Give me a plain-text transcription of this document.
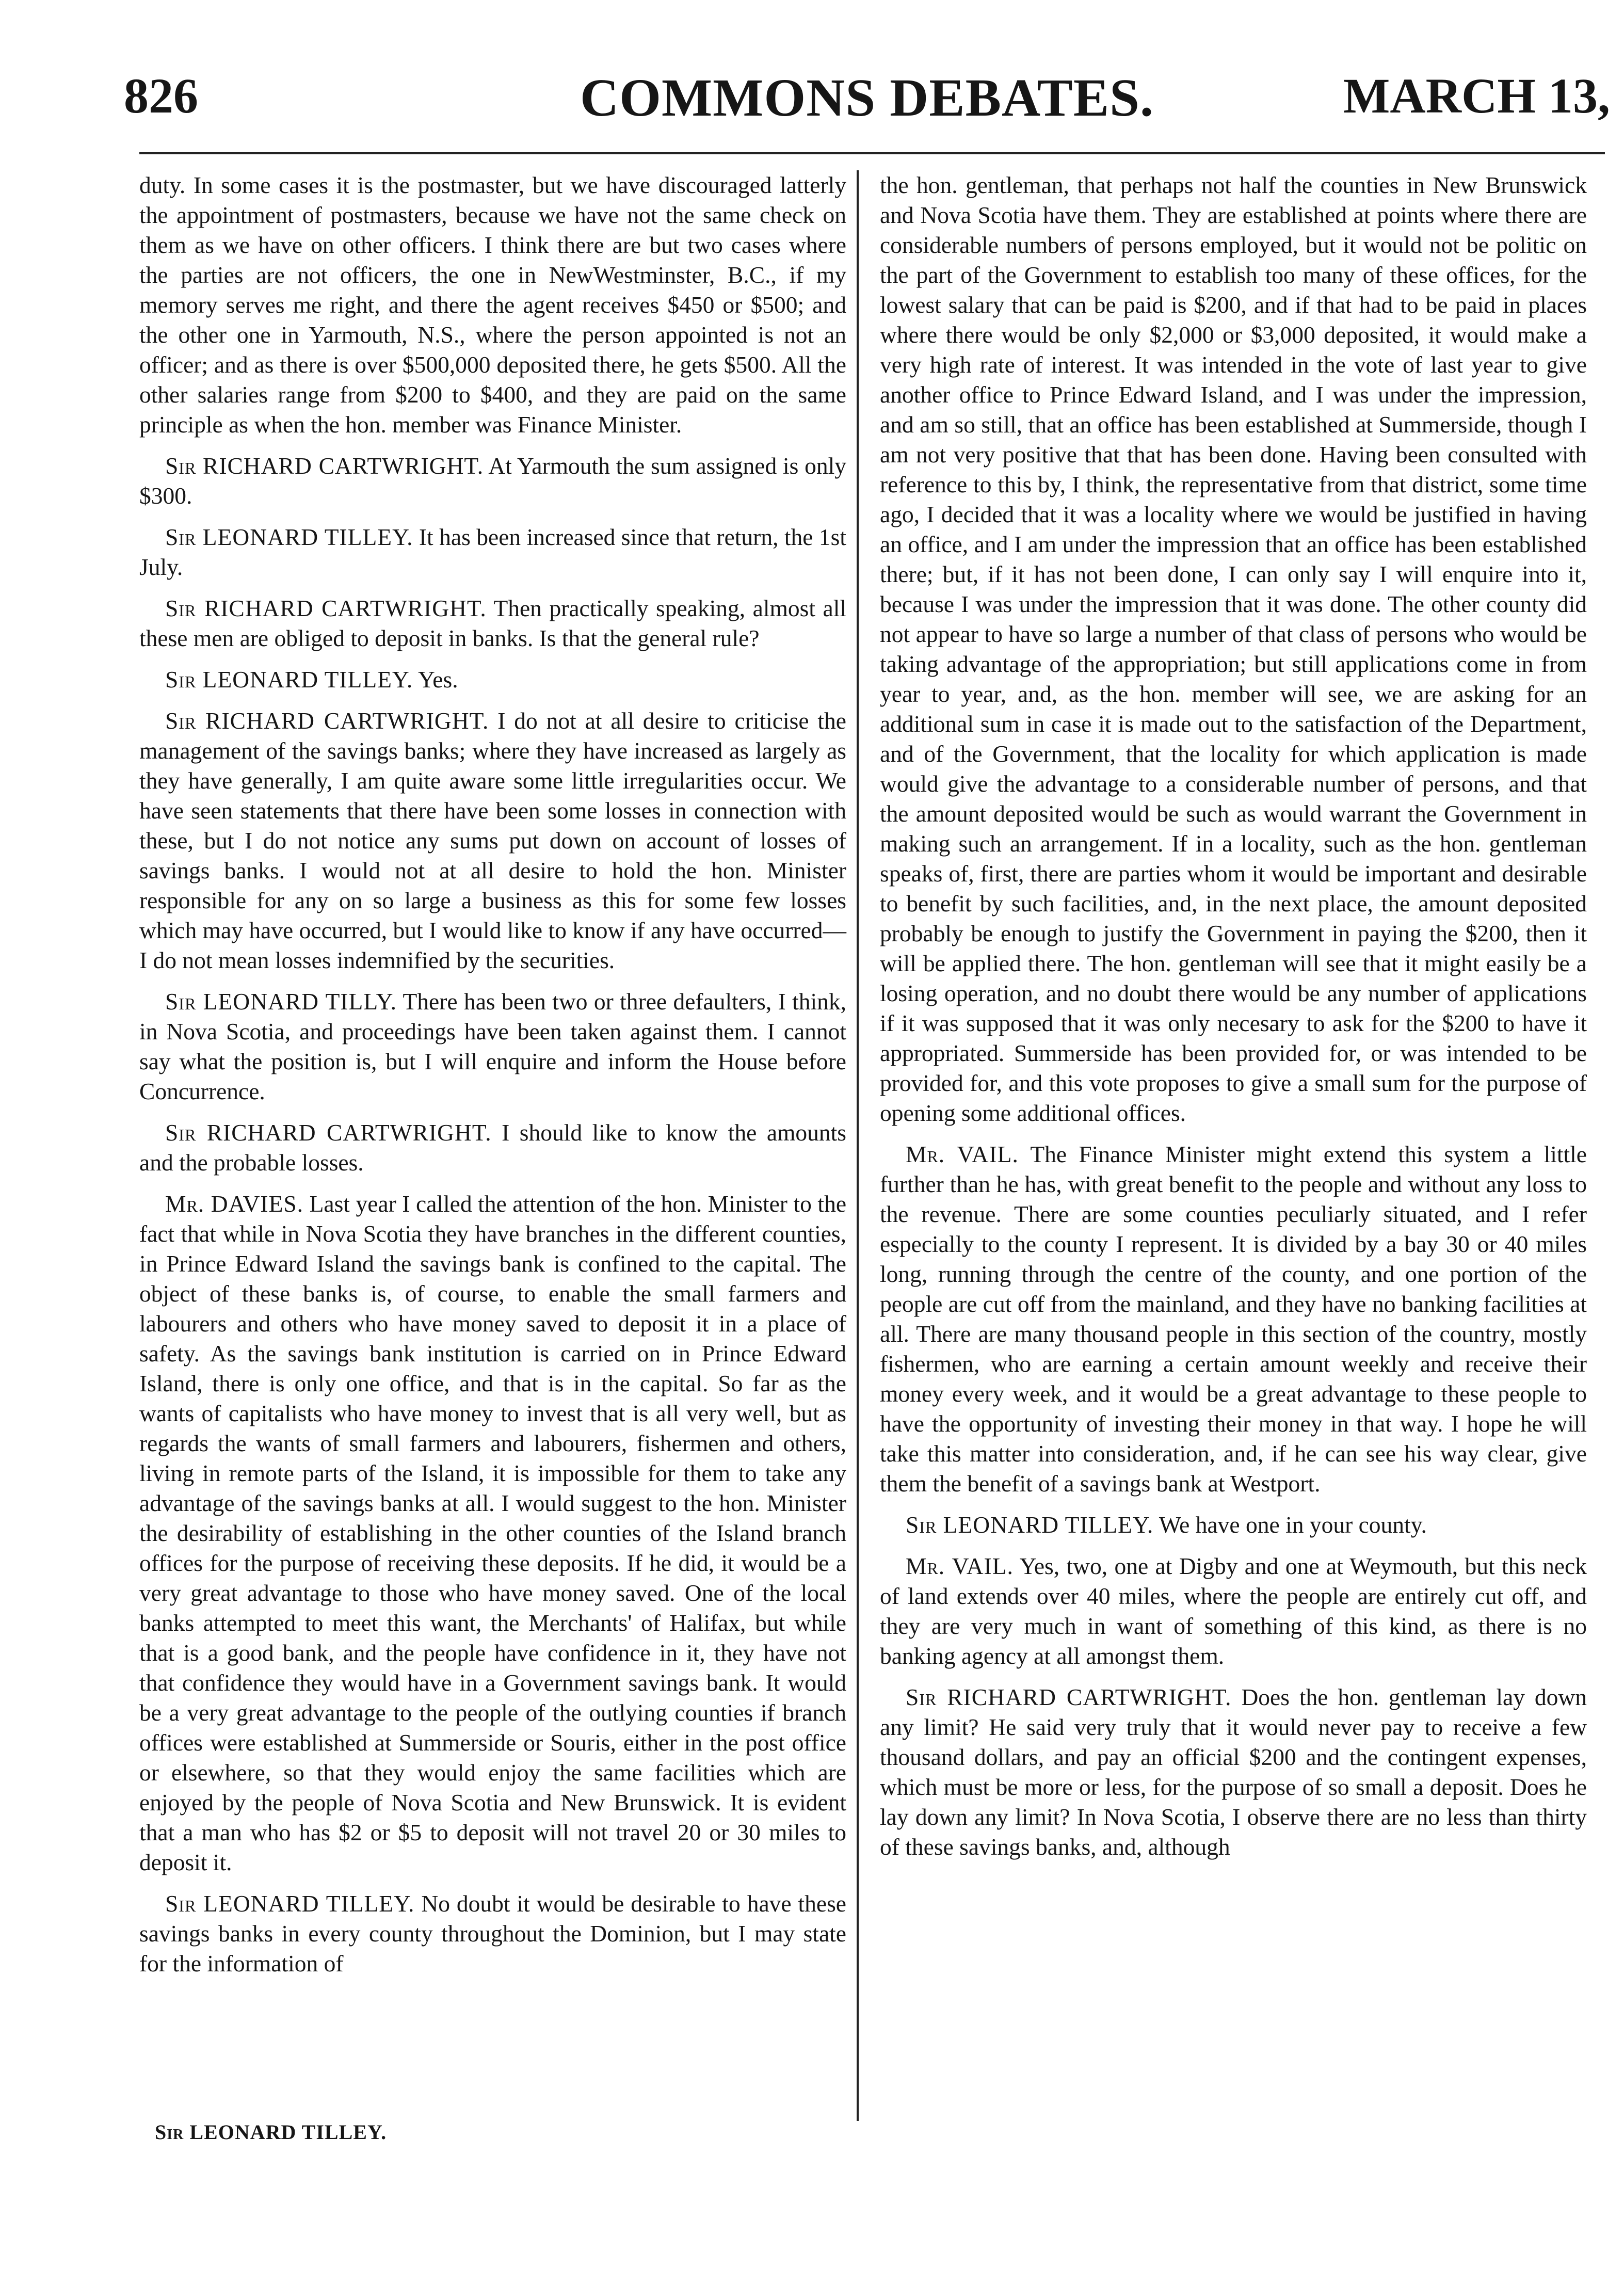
826	COMMONS DEBATES.	MARCH 13,

duty. In some cases it is the postmaster, but we have discouraged latterly the appointment of postmasters, because we have not the same check on them as we have on other officers. I think there are but two cases where the parties are not officers, the one in NewWestminster, B.C., if my memory serves me right, and there the agent receives $450 or $500; and the other one in Yarmouth, N.S., where the person appointed is not an officer; and as there is over $500,000 deposited there, he gets $500. All the other salaries range from $200 to $400, and they are paid on the same principle as when the hon. member was Finance Minister.

Sir RICHARD CARTWRIGHT. At Yarmouth the sum assigned is only $300.

Sir LEONARD TILLEY. It has been increased since that return, the 1st July.

Sir RICHARD CARTWRIGHT. Then practically speaking, almost all these men are obliged to deposit in banks. Is that the general rule?

Sir LEONARD TILLEY. Yes.

Sir RICHARD CARTWRIGHT. I do not at all desire to criticise the management of the savings banks; where they have increased as largely as they have generally, I am quite aware some little irregularities occur. We have seen statements that there have been some losses in connection with these, but I do not notice any sums put down on account of losses of savings banks. I would not at all desire to hold the hon. Minister responsible for any on so large a business as this for some few losses which may have occurred, but I would like to know if any have occurred— I do not mean losses indemnified by the securities.

Sir LEONARD TILLY. There has been two or three defaulters, I think, in Nova Scotia, and proceedings have been taken against them. I cannot say what the position is, but I will enquire and inform the House before Concurrence.

Sir RICHARD CARTWRIGHT. I should like to know the amounts and the probable losses.

Mr. DAVIES. Last year I called the attention of the hon. Minister to the fact that while in Nova Scotia they have branches in the different counties, in Prince Edward Island the savings bank is confined to the capital. The object of these banks is, of course, to enable the small farmers and labourers and others who have money saved to deposit it in a place of safety. As the savings bank institution is carried on in Prince Edward Island, there is only one office, and that is in the capital. So far as the wants of capitalists who have money to invest that is all very well, but as regards the wants of small farmers and labourers, fishermen and others, living in remote parts of the Island, it is impossible for them to take any advantage of the savings banks at all. I would suggest to the hon. Minister the desirability of establishing in the other counties of the Island branch offices for the purpose of receiving these deposits. If he did, it would be a very great advantage to those who have money saved. One of the local banks attempted to meet this want, the Merchants' of Halifax, but while that is a good bank, and the people have confidence in it, they have not that confidence they would have in a Government savings bank. It would be a very great advantage to the people of the outlying counties if branch offices were established at Summerside or Souris, either in the post office or elsewhere, so that they would enjoy the same facilities which are enjoyed by the people of Nova Scotia and New Brunswick. It is evident that a man who has $2 or $5 to deposit will not travel 20 or 30 miles to deposit it.

Sir LEONARD TILLEY. No doubt it would be desirable to have these savings banks in every county throughout the Dominion, but I may state for the information of

the hon. gentleman, that perhaps not half the counties in New Brunswick and Nova Scotia have them. They are established at points where there are considerable numbers of persons employed, but it would not be politic on the part of the Government to establish too many of these offices, for the lowest salary that can be paid is $200, and if that had to be paid in places where there would be only $2,000 or $3,000 deposited, it would make a very high rate of interest. It was intended in the vote of last year to give another office to Prince Edward Island, and I was under the impression, and am so still, that an office has been established at Summerside, though I am not very positive that that has been done. Having been consulted with reference to this by, I think, the representative from that district, some time ago, I decided that it was a locality where we would be justified in having an office, and I am under the impression that an office has been established there; but, if it has not been done, I can only say I will enquire into it, because I was under the impression that it was done. The other county did not appear to have so large a number of that class of persons who would be taking advantage of the appropriation; but still applications come in from year to year, and, as the hon. member will see, we are asking for an additional sum in case it is made out to the satisfaction of the Department, and of the Government, that the locality for which application is made would give the advantage to a considerable number of persons, and that the amount deposited would be such as would warrant the Government in making such an arrangement. If in a locality, such as the hon. gentleman speaks of, first, there are parties whom it would be important and desirable to benefit by such facilities, and, in the next place, the amount deposited probably be enough to justify the Government in paying the $200, then it will be applied there. The hon. gentleman will see that it might easily be a losing operation, and no doubt there would be any number of applications if it was supposed that it was only necesary to ask for the $200 to have it appropriated. Summerside has been provided for, or was intended to be provided for, and this vote proposes to give a small sum for the purpose of opening some additional offices.

Mr. VAIL. The Finance Minister might extend this system a little further than he has, with great benefit to the people and without any loss to the revenue. There are some counties peculiarly situated, and I refer especially to the county I represent. It is divided by a bay 30 or 40 miles long, running through the centre of the county, and one portion of the people are cut off from the mainland, and they have no banking facilities at all. There are many thousand people in this section of the country, mostly fishermen, who are earning a certain amount weekly and receive their money every week, and it would be a great advantage to these people to have the opportunity of investing their money in that way. I hope he will take this matter into consideration, and, if he can see his way clear, give them the benefit of a savings bank at Westport.

Sir LEONARD TILLEY. We have one in your county.

Mr. VAIL. Yes, two, one at Digby and one at Weymouth, but this neck of land extends over 40 miles, where the people are entirely cut off, and they are very much in want of something of this kind, as there is no banking agency at all amongst them.

Sir RICHARD CARTWRIGHT. Does the hon. gentleman lay down any limit? He said very truly that it would never pay to receive a few thousand dollars, and pay an official $200 and the contingent expenses, which must be more or less, for the purpose of so small a deposit. Does he lay down any limit? In Nova Scotia, I observe there are no less than thirty of these savings banks, and, although

Sir LEONARD TILLEY.
